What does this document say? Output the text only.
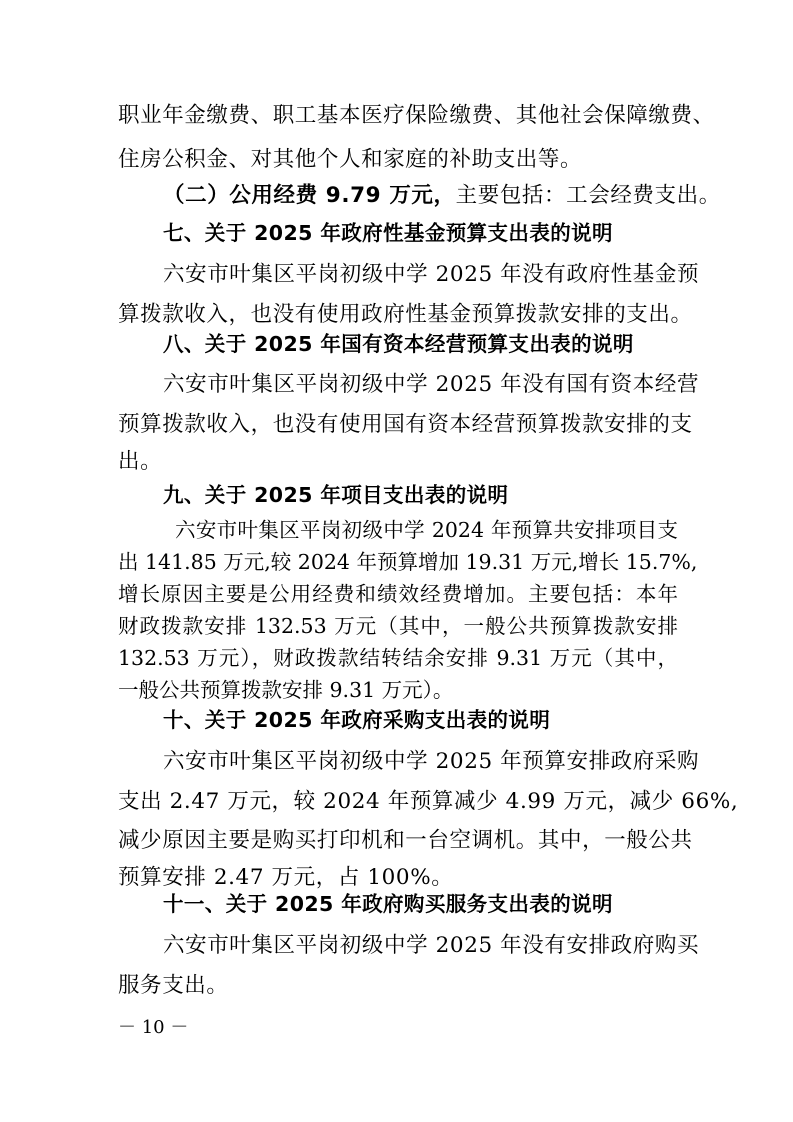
职业年金缴费、职工基本医疗保险缴费、其他社会保障缴费、
住房公积金、对其他个人和家庭的补助支出等。
（二）公用经费 9.79 万元，主要包括：工会经费支出。
七、关于 2025 年政府性基金预算支出表的说明
六安市叶集区平岗初级中学 2025 年没有政府性基金预
算拨款收入，也没有使用政府性基金预算拨款安排的支出。
八、关于 2025 年国有资本经营预算支出表的说明
六安市叶集区平岗初级中学 2025 年没有国有资本经营
预算拨款收入，也没有使用国有资本经营预算拨款安排的支
出。
九、关于 2025 年项目支出表的说明
六安市叶集区平岗初级中学 2024 年预算共安排项目支
出 141.85 万元,较 2024 年预算增加 19.31 万元,增长 15.7%,
增长原因主要是公用经费和绩效经费增加。主要包括：本年
财政拨款安排 132.53 万元（其中，一般公共预算拨款安排
132.53 万元），财政拨款结转结余安排 9.31 万元（其中，
一般公共预算拨款安排 9.31 万元）。
十、关于 2025 年政府采购支出表的说明
六安市叶集区平岗初级中学 2025 年预算安排政府采购
支出 2.47 万元，较 2024 年预算减少 4.99 万元，减少 66%,
减少原因主要是购买打印机和一台空调机。其中，一般公共
预算安排 2.47 万元，占 100%。
十一、关于 2025 年政府购买服务支出表的说明
六安市叶集区平岗初级中学 2025 年没有安排政府购买
服务支出。
－ 10 －
